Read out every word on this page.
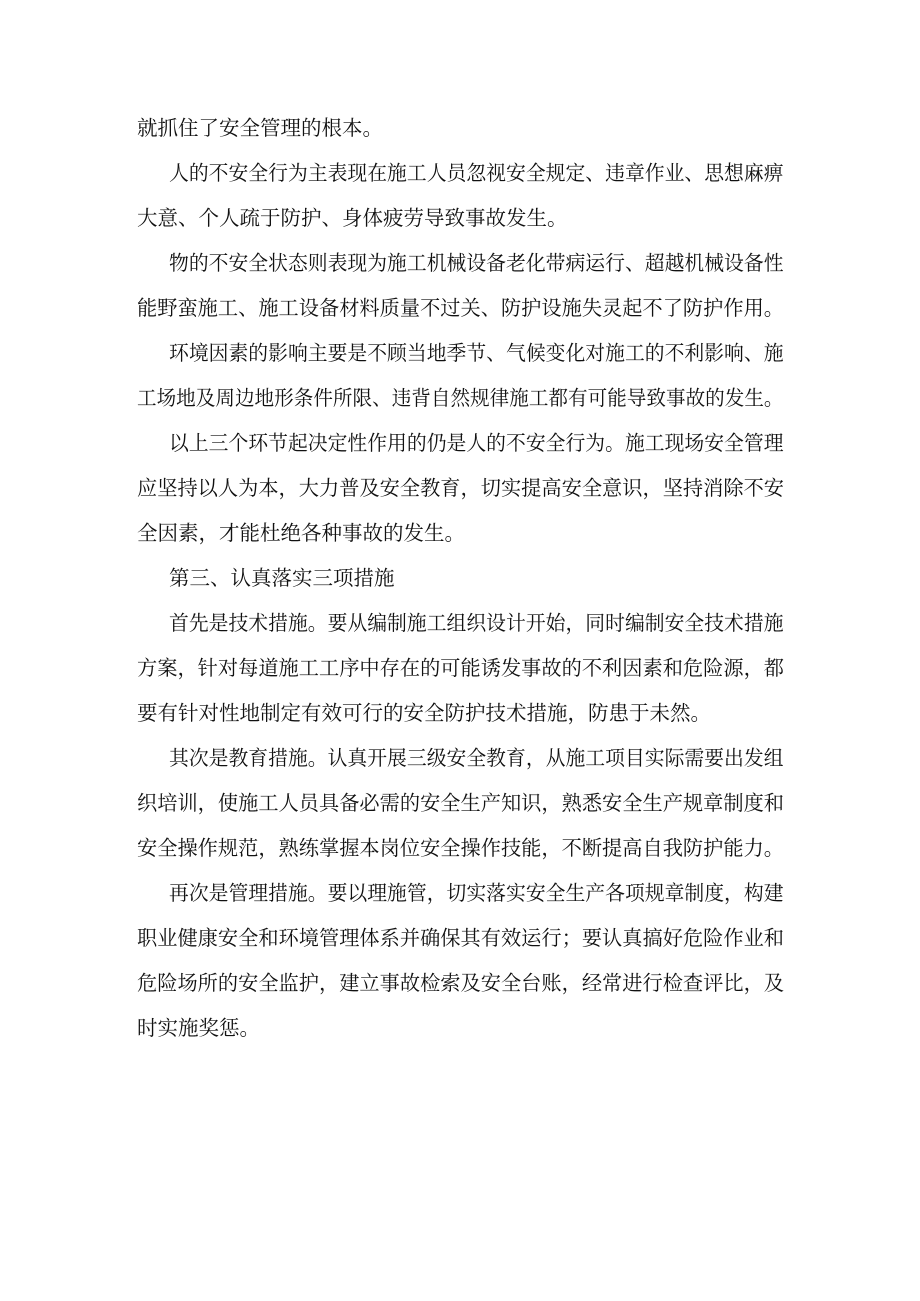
就抓住了安全管理的根本。

人的不安全行为主表现在施工人员忽视安全规定、违章作业、思想麻痹

大意、个人疏于防护、身体疲劳导致事故发生。

物的不安全状态则表现为施工机械设备老化带病运行、超越机械设备性

能野蛮施工、施工设备材料质量不过关、防护设施失灵起不了防护作用。

环境因素的影响主要是不顾当地季节、气候变化对施工的不利影响、施

工场地及周边地形条件所限、违背自然规律施工都有可能导致事故的发生。

以上三个环节起决定性作用的仍是人的不安全行为。施工现场安全管理

应坚持以人为本，大力普及安全教育，切实提高安全意识，坚持消除不安

全因素，才能杜绝各种事故的发生。

第三、认真落实三项措施

首先是技术措施。要从编制施工组织设计开始，同时编制安全技术措施

方案，针对每道施工工序中存在的可能诱发事故的不利因素和危险源，都

要有针对性地制定有效可行的安全防护技术措施，防患于未然。

其次是教育措施。认真开展三级安全教育，从施工项目实际需要出发组

织培训，使施工人员具备必需的安全生产知识，熟悉安全生产规章制度和

安全操作规范，熟练掌握本岗位安全操作技能，不断提高自我防护能力。

再次是管理措施。要以理施管，切实落实安全生产各项规章制度，构建

职业健康安全和环境管理体系并确保其有效运行；要认真搞好危险作业和

危险场所的安全监护，建立事故检索及安全台账，经常进行检查评比，及

时实施奖惩。
